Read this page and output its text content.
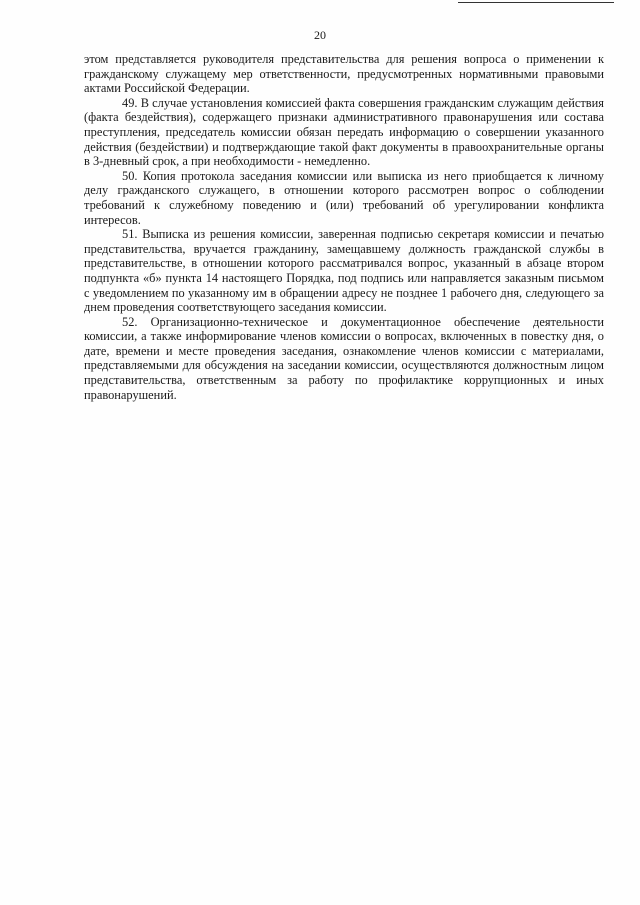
20

этом представляется руководителя представительства для решения вопроса о применении к гражданскому служащему мер ответственности, предусмотренных нормативными правовыми актами Российской Федерации.

49. В случае установления комиссией факта совершения гражданским служащим действия (факта бездействия), содержащего признаки административного правонарушения или состава преступления, председатель комиссии обязан передать информацию о совершении указанного действия (бездействии) и подтверждающие такой факт документы в правоохранительные органы в 3-дневный срок, а при необходимости - немедленно.

50. Копия протокола заседания комиссии или выписка из него приобщается к личному делу гражданского служащего, в отношении которого рассмотрен вопрос о соблюдении требований к служебному поведению и (или) требований об урегулировании конфликта интересов.

51. Выписка из решения комиссии, заверенная подписью секретаря комиссии и печатью представительства, вручается гражданину, замещавшему должность гражданской службы в представительстве, в отношении которого рассматривался вопрос, указанный в абзаце втором подпункта «б» пункта 14 настоящего Порядка, под подпись или направляется заказным письмом с уведомлением по указанному им в обращении адресу не позднее 1 рабочего дня, следующего за днем проведения соответствующего заседания комиссии.

52. Организационно-техническое и документационное обеспечение деятельности комиссии, а также информирование членов комиссии о вопросах, включенных в повестку дня, о дате, времени и месте проведения заседания, ознакомление членов комиссии с материалами, представляемыми для обсуждения на заседании комиссии, осуществляются должностным лицом представительства, ответственным за работу по профилактике коррупционных и иных правонарушений.
